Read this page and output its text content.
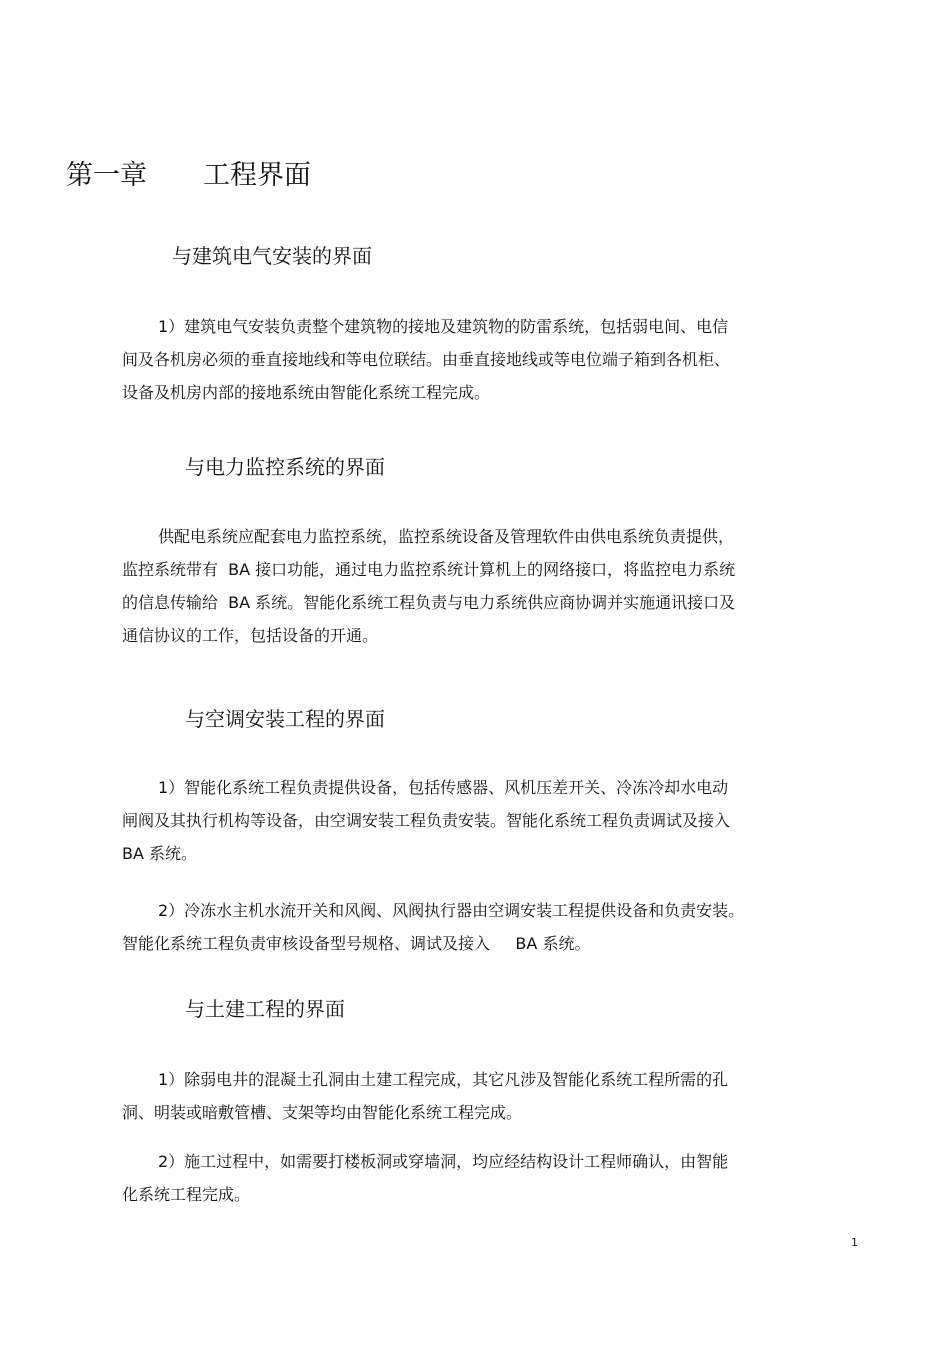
第一章 工程界面
与建筑电气安装的界面
1）建筑电气安装负责整个建筑物的接地及建筑物的防雷系统，包括弱电间、电信
间及各机房必须的垂直接地线和等电位联结。由垂直接地线或等电位端子箱到各机柜、
设备及机房内部的接地系统由智能化系统工程完成。
与电力监控系统的界面
供配电系统应配套电力监控系统，监控系统设备及管理软件由供电系统负责提供，
监控系统带有  BA 接口功能，通过电力监控系统计算机上的网络接口，将监控电力系统
的信息传输给  BA 系统。智能化系统工程负责与电力系统供应商协调并实施通讯接口及
通信协议的工作，包括设备的开通。
与空调安装工程的界面
1）智能化系统工程负责提供设备，包括传感器、风机压差开关、冷冻冷却水电动
闸阀及其执行机构等设备，由空调安装工程负责安装。智能化系统工程负责调试及接入
BA 系统。
2）冷冻水主机水流开关和风阀、风阀执行器由空调安装工程提供设备和负责安装。
智能化系统工程负责审核设备型号规格、调试及接入     BA 系统。
与土建工程的界面
1）除弱电井的混凝土孔洞由土建工程完成，其它凡涉及智能化系统工程所需的孔
洞、明装或暗敷管槽、支架等均由智能化系统工程完成。
2）施工过程中，如需要打楼板洞或穿墙洞，均应经结构设计工程师确认，由智能
化系统工程完成。
1
